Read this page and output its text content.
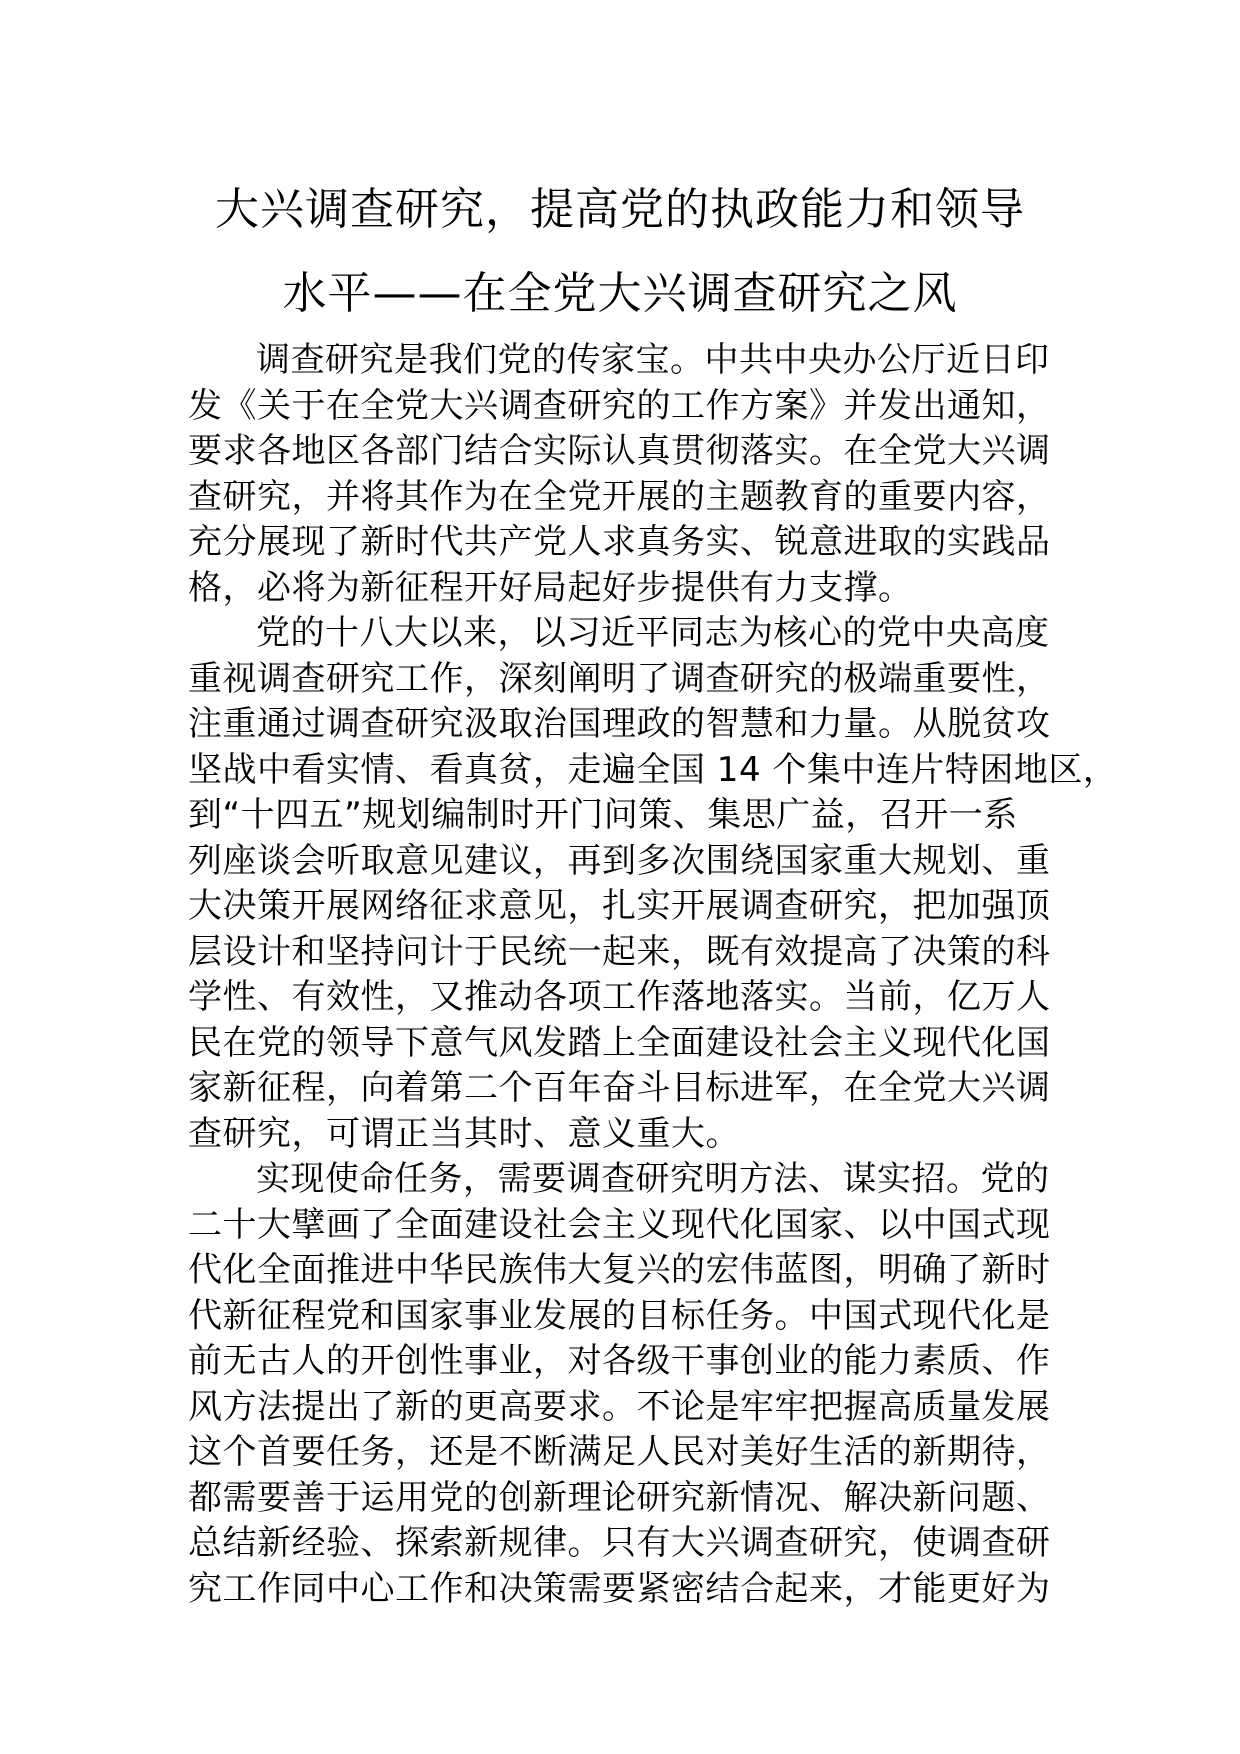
大兴调查研究，提高党的执政能力和领导
水平——在全党大兴调查研究之风
调查研究是我们党的传家宝。中共中央办公厅近日印
发《关于在全党大兴调查研究的工作方案》并发出通知，
要求各地区各部门结合实际认真贯彻落实。在全党大兴调
查研究，并将其作为在全党开展的主题教育的重要内容，
充分展现了新时代共产党人求真务实、锐意进取的实践品
格，必将为新征程开好局起好步提供有力支撑。
党的十八大以来，以习近平同志为核心的党中央高度
重视调查研究工作，深刻阐明了调查研究的极端重要性，
注重通过调查研究汲取治国理政的智慧和力量。从脱贫攻
坚战中看实情、看真贫，走遍全国 14 个集中连片特困地区，
到“十四五”规划编制时开门问策、集思广益，召开一系
列座谈会听取意见建议，再到多次围绕国家重大规划、重
大决策开展网络征求意见，扎实开展调查研究，把加强顶
层设计和坚持问计于民统一起来，既有效提高了决策的科
学性、有效性，又推动各项工作落地落实。当前，亿万人
民在党的领导下意气风发踏上全面建设社会主义现代化国
家新征程，向着第二个百年奋斗目标进军，在全党大兴调
查研究，可谓正当其时、意义重大。
实现使命任务，需要调查研究明方法、谋实招。党的
二十大擘画了全面建设社会主义现代化国家、以中国式现
代化全面推进中华民族伟大复兴的宏伟蓝图，明确了新时
代新征程党和国家事业发展的目标任务。中国式现代化是
前无古人的开创性事业，对各级干事创业的能力素质、作
风方法提出了新的更高要求。不论是牢牢把握高质量发展
这个首要任务，还是不断满足人民对美好生活的新期待，
都需要善于运用党的创新理论研究新情况、解决新问题、
总结新经验、探索新规律。只有大兴调查研究，使调查研
究工作同中心工作和决策需要紧密结合起来，才能更好为
